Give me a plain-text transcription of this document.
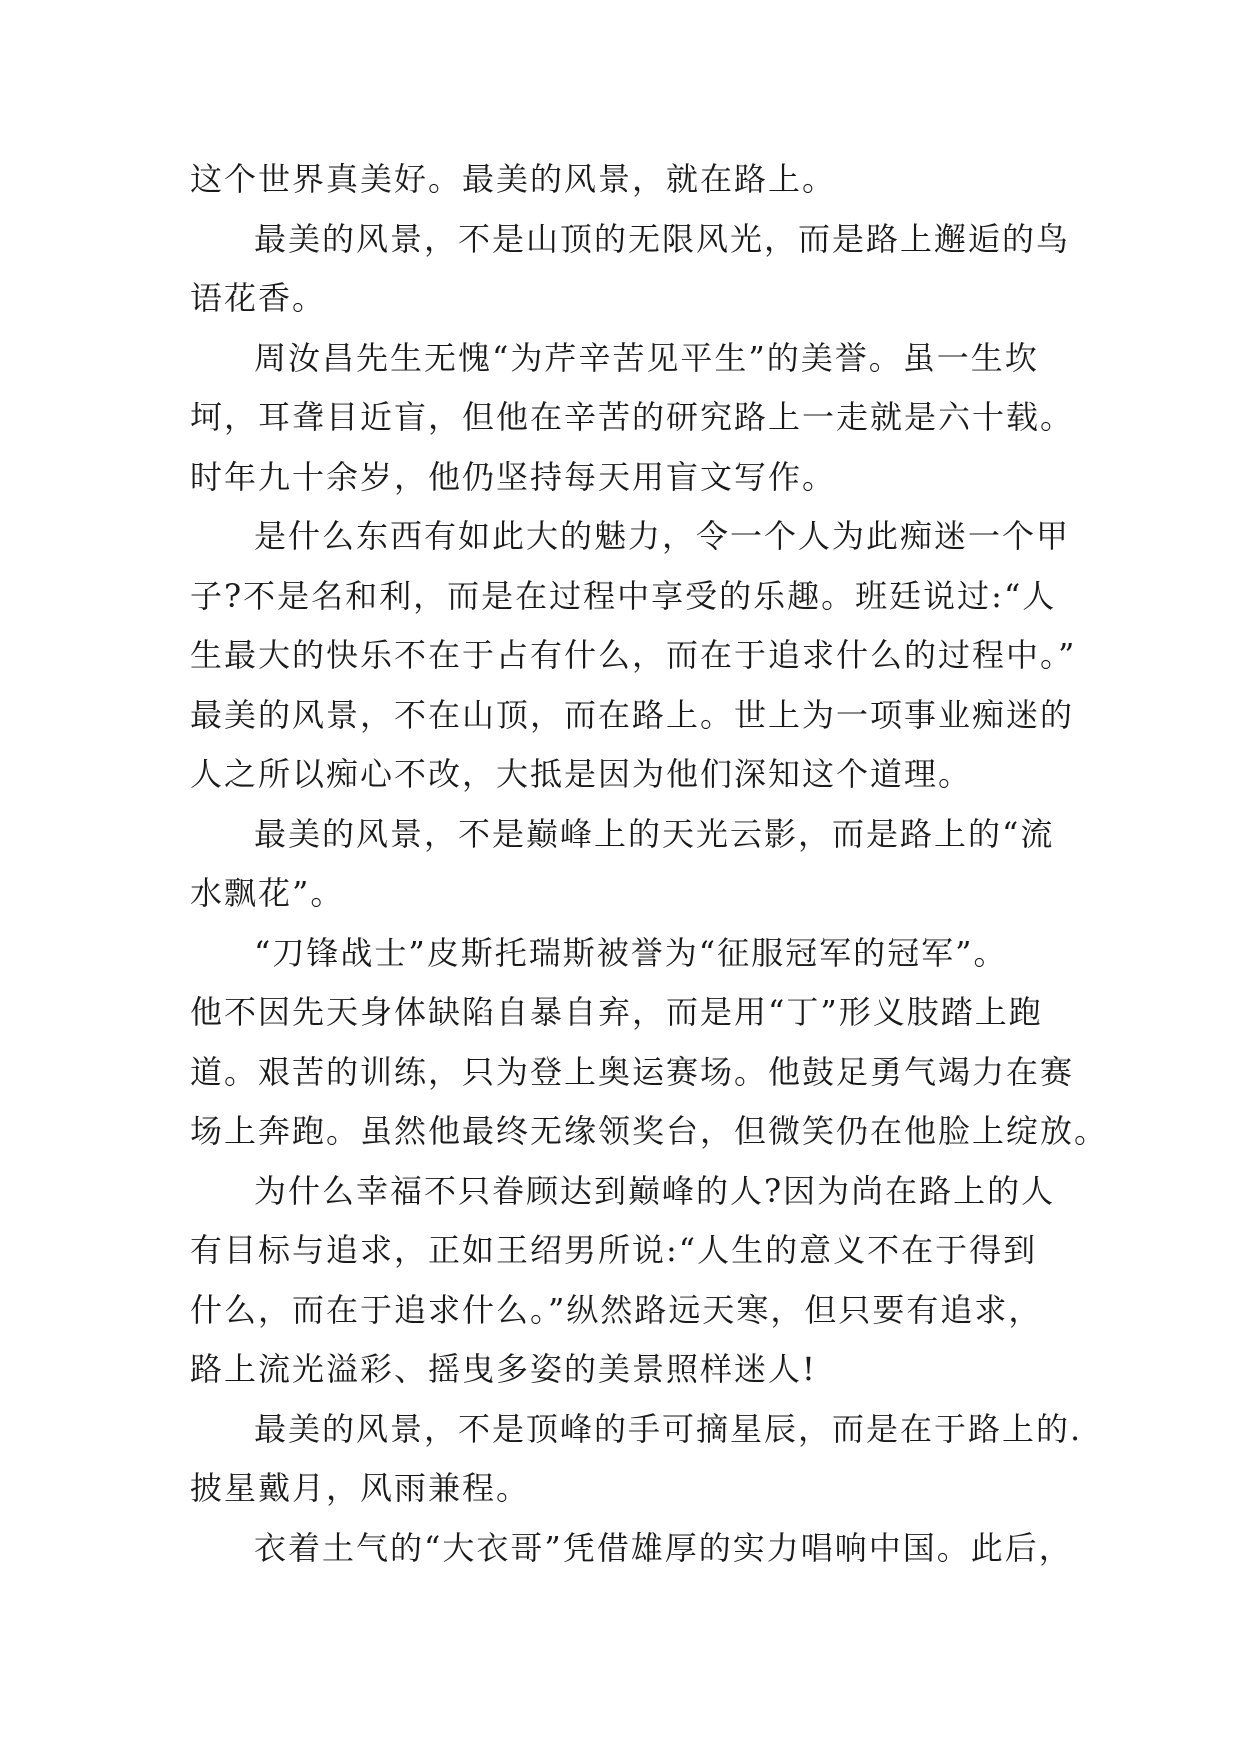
这个世界真美好。最美的风景，就在路上。
最美的风景，不是山顶的无限风光，而是路上邂逅的鸟
语花香。
周汝昌先生无愧“为芹辛苦见平生”的美誉。虽一生坎
坷，耳聋目近盲，但他在辛苦的研究路上一走就是六十载。
时年九十余岁，他仍坚持每天用盲文写作。
是什么东西有如此大的魅力，令一个人为此痴迷一个甲
子?不是名和利，而是在过程中享受的乐趣。班廷说过:“人
生最大的快乐不在于占有什么，而在于追求什么的过程中。”
最美的风景，不在山顶，而在路上。世上为一项事业痴迷的
人之所以痴心不改，大抵是因为他们深知这个道理。
最美的风景，不是巅峰上的天光云影，而是路上的“流
水飘花”。
“刀锋战士”皮斯托瑞斯被誉为“征服冠军的冠军”。
他不因先天身体缺陷自暴自弃，而是用“丁”形义肢踏上跑
道。艰苦的训练，只为登上奥运赛场。他鼓足勇气竭力在赛
场上奔跑。虽然他最终无缘领奖台，但微笑仍在他脸上绽放。
为什么幸福不只眷顾达到巅峰的人?因为尚在路上的人
有目标与追求，正如王绍男所说:“人生的意义不在于得到
什么，而在于追求什么。”纵然路远天寒，但只要有追求，
路上流光溢彩、摇曳多姿的美景照样迷人!
最美的风景，不是顶峰的手可摘星辰，而是在于路上的.
披星戴月，风雨兼程。
衣着土气的“大衣哥”凭借雄厚的实力唱响中国。此后，
